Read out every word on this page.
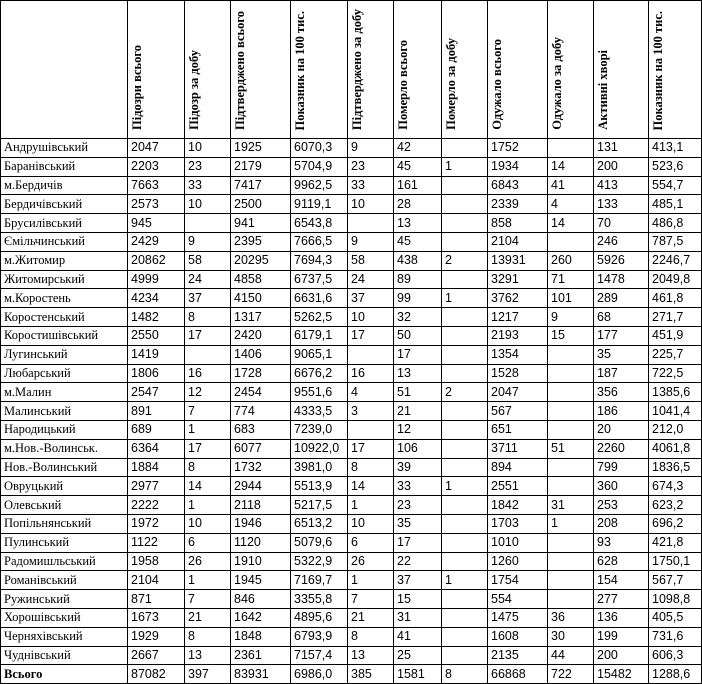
	Підозри всього	Підозр за добу	Підтверджено всього	Показник на 100 тис.	Підтверджено за добу	Померло всього	Померло за добу	Одужало всього	Одужало за добу	Активні хворі	Показник на 100 тис.
Андрушівський	2047	10	1925	6070,3	9	42		1752		131	413,1
Баранівський	2203	23	2179	5704,9	23	45	1	1934	14	200	523,6
м.Бердичів	7663	33	7417	9962,5	33	161		6843	41	413	554,7
Бердичівський	2573	10	2500	9119,1	10	28		2339	4	133	485,1
Брусилівський	945		941	6543,8		13		858	14	70	486,8
Ємільчинський	2429	9	2395	7666,5	9	45		2104		246	787,5
м.Житомир	20862	58	20295	7694,3	58	438	2	13931	260	5926	2246,7
Житомирський	4999	24	4858	6737,5	24	89		3291	71	1478	2049,8
м.Коростень	4234	37	4150	6631,6	37	99	1	3762	101	289	461,8
Коростенський	1482	8	1317	5262,5	10	32		1217	9	68	271,7
Коростишівський	2550	17	2420	6179,1	17	50		2193	15	177	451,9
Лугинський	1419		1406	9065,1		17		1354		35	225,7
Любарський	1806	16	1728	6676,2	16	13		1528		187	722,5
м.Малин	2547	12	2454	9551,6	4	51	2	2047		356	1385,6
Малинський	891	7	774	4333,5	3	21		567		186	1041,4
Народицький	689	1	683	7239,0		12		651		20	212,0
м.Нов.-Волинськ.	6364	17	6077	10922,0	17	106		3711	51	2260	4061,8
Нов.-Волинський	1884	8	1732	3981,0	8	39		894		799	1836,5
Овруцький	2977	14	2944	5513,9	14	33	1	2551		360	674,3
Олевський	2222	1	2118	5217,5	1	23		1842	31	253	623,2
Попільнянський	1972	10	1946	6513,2	10	35		1703	1	208	696,2
Пулинський	1122	6	1120	5079,6	6	17		1010		93	421,8
Радомишльський	1958	26	1910	5322,9	26	22		1260		628	1750,1
Романівський	2104	1	1945	7169,7	1	37	1	1754		154	567,7
Ружинський	871	7	846	3355,8	7	15		554		277	1098,8
Хорошівський	1673	21	1642	4895,6	21	31		1475	36	136	405,5
Черняхівський	1929	8	1848	6793,9	8	41		1608	30	199	731,6
Чуднівський	2667	13	2361	7157,4	13	25		2135	44	200	606,3
Всього	87082	397	83931	6986,0	385	1581	8	66868	722	15482	1288,6
